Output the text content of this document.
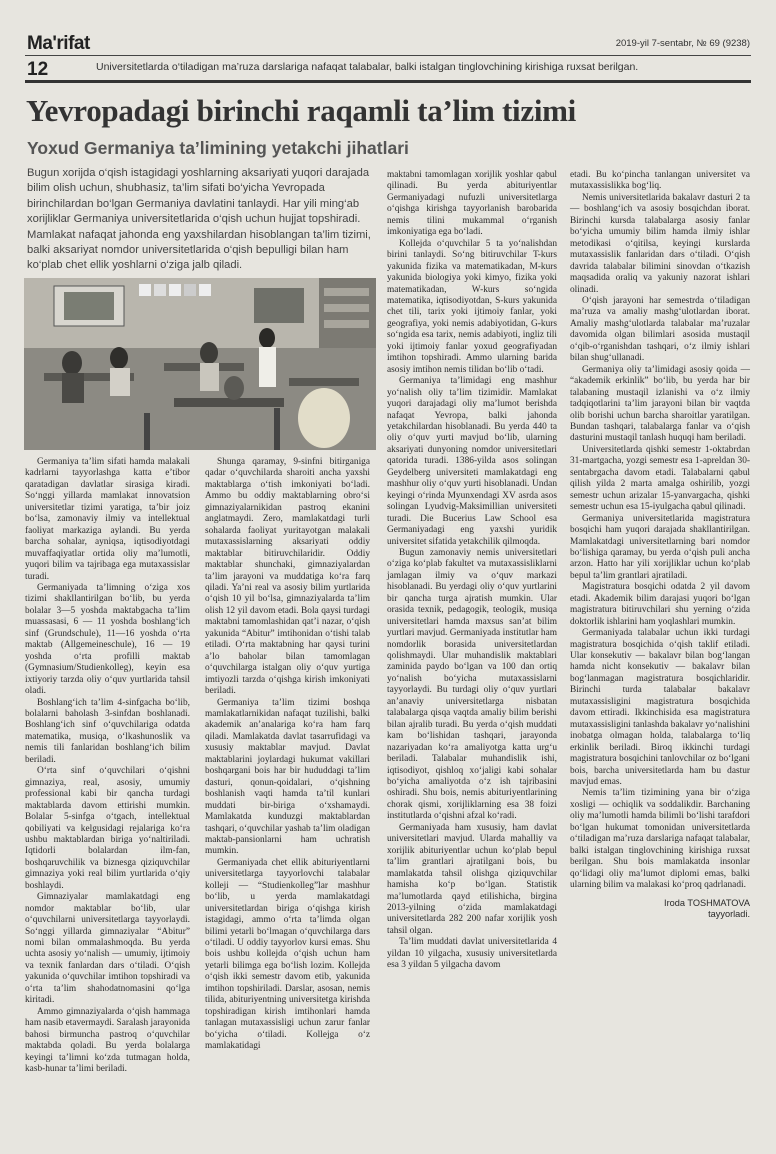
Ma'rifat	2019-yil 7-sentabr, № 69 (9238)
12	Universitetlarda o‘tiladigan ma’ruza darslariga nafaqat talabalar, balki istalgan tinglovchining kirishiga ruxsat berilgan.
Yevropadagi birinchi raqamli ta’lim tizimi
Yoxud Germaniya ta’limining yetakchi jihatlari

Bugun xorijda o‘qish istagidagi yoshlarning aksariyati yuqori darajada bilim olish uchun, shubhasiz, ta’lim sifati bo‘yicha Yevropada birinchilardan bo‘lgan Germaniya davlatini tanlaydi. Har yili ming‘ab xorijliklar Germaniya universitetlarida o‘qish uchun hujjat topshiradi. Mamlakat nafaqat jahonda eng yaxshilardan hisoblangan ta’lim tizimi, balki aksariyat nomdor universitetlarida o‘qish bepulligi bilan ham ko‘plab chet ellik yoshlarni o‘ziga jalb qiladi.

Germaniya ta’lim sifati hamda malakali kadrlarni tayyorlashga katta e’tibor qaratadigan davlatlar sirasiga kiradi. So‘nggi yillarda mamlakat innovatsion universitetlar tizimi yaratiga, ta’bir joiz bo‘lsa, zamonaviy ilmiy va intellektual faoliyat markaziga aylandi. Bu yerda barcha sohalar, ayniqsa, iqtisodiyotdagi muvaffaqiyatlar ortida oliy ma’lumotli, yuqori bilim va tajribaga ega mutaxassislar turadi.

Germaniyada ta’limning o‘ziga xos tizimi shakllantirilgan bo‘lib, bu yerda bolalar 3—5 yoshda maktabgacha ta’lim muassasasi, 6 — 11 yoshda boshlang‘ich sinf (Grundschule), 11—16 yoshda o‘rta maktab (Allgemeineschule), 16 — 19 yoshda o‘rta profilli maktab (Gymnasium/Studienkolleg), keyin esa ixtiyoriy tarzda oliy o‘quv yurtlarida tahsil oladi.

Boshlang‘ich ta’lim 4-sinfgacha bo‘lib, bolalarni baholash 3-sinfdan boshlanadi. Boshlang‘ich sinf o‘quvchilariga odatda matematika, musiqa, o‘lkashunoslik va nemis tili fanlaridan boshlang‘ich bilim beriladi.

O‘rta sinf o‘quvchilari o‘qishni gimnaziya, real, asosiy, umumiy professional kabi bir qancha turdagi maktablarda davom ettirishi mumkin. Bolalar 5-sinfga o‘tgach, intellektual qobiliyati va kelgusidagi rejalariga ko‘ra ushbu maktablardan biriga yo‘naltiriladi. Iqtidorli bolalardan ilm-fan, boshqaruvchilik va biznesga qiziquvchilar gimnaziya yoki real bilim yurtlarida o‘qiy boshlaydi.

Gimnaziyalar mamlakatdagi eng nomdor maktablar bo‘lib, ular o‘quvchilarni universitetlarga tayyorlaydi. So‘nggi yillarda gimnaziyalar “Abitur” nomi bilan ommalashmoqda. Bu yerda uchta asosiy yo‘nalish — umumiy, ijtimoiy va texnik fanlardan dars o‘tiladi. O‘qish yakunida o‘quvchilar imtihon topshiradi va o‘rta ta’lim shahodatnomasini qo‘lga kiritadi.

Ammo gimnaziyalarda o‘qish hammaga ham nasib etavermaydi. Saralash jarayonida bahosi birmuncha pastroq o‘quvchilar maktabda qoladi. Bu yerda bolalarga keyingi ta’limni ko‘zda tutmagan holda, kasb-hunar ta’limi beriladi.

Shunga qaramay, 9-sinfni bitirganiga qadar o‘quvchilarda sharoiti ancha yaxshi maktablarga o‘tish imkoniyati bo‘ladi. Ammo bu oddiy maktablarning obro‘si gimnaziyalarnikidan pastroq ekanini anglatmaydi. Zero, mamlakatdagi turli sohalarda faoliyat yuritayotgan malakali mutaxassislarning aksariyati oddiy maktablar bitiruvchilaridir. Oddiy maktablar shunchaki, gimnaziyalardan ta’lim jarayoni va muddatiga ko‘ra farq qiladi. Ya’ni real va asosiy bilim yurtlarida o‘qish 10 yil bo‘lsa, gimnaziyalarda ta’lim olish 12 yil davom etadi. Bola qaysi turdagi maktabni tamomlashidan qat’i nazar, o‘qish yakunida “Abitur” imtihonidan o‘tishi talab etiladi. O‘rta maktabning har qaysi turini a’lo baholar bilan tamomlagan o‘quvchilarga istalgan oliy o‘quv yurtiga imtiyozli tarzda o‘qishga kirish imkoniyati beriladi.

Germaniya ta’lim tizimi boshqa mamlakatlarnikidan nafaqat tuzilishi, balki akademik an’analariga ko‘ra ham farq qiladi. Mamlakatda davlat tasarrufidagi va xususiy maktablar mavjud. Davlat maktablarini joylardagi hukumat vakillari boshqargani bois har bir hududdagi ta’lim dasturi, qonun-qoidalari, o‘qishning boshlanish vaqti hamda ta’til kunlari muddati bir-biriga o‘xshamaydi. Mamlakatda kunduzgi maktablardan tashqari, o‘quvchilar yashab ta’lim oladigan maktab-pansionlarni ham uchratish mumkin.

Germaniyada chet ellik abituriyentlarni universitetlarga tayyorlovchi talabalar kolleji — “Studienkolleg”lar mashhur bo‘lib, u yerda mamlakatdagi universitetlardan biriga o‘qishga kirish istagidagi, ammo o‘rta ta’limda olgan bilimi yetarli bo‘lmagan o‘quvchilarga dars o‘tiladi. U oddiy tayyorlov kursi emas. Shu bois ushbu kollejda o‘qish uchun ham yetarli bilimga ega bo‘lish lozim. Kollejda o‘qish ikki semestr davom etib, yakunida imtihon topshiriladi. Darslar, asosan, nemis tilida, abituriyentning universitetga kirishda topshiradigan kirish imtihonlari hamda tanlagan mutaxassisligi uchun zarur fanlar bo‘yicha o‘tiladi. Kollejga o‘z mamlakatidagi

maktabni tamomlagan xorijlik yoshlar qabul qilinadi. Bu yerda abituriyentlar Germaniyadagi nufuzli universitetlarga o‘qishga kirishga tayyorlanish barobarida nemis tilini mukammal o‘rganish imkoniyatiga ega bo‘ladi.

Kollejda o‘quvchilar 5 ta yo‘nalishdan birini tanlaydi. So‘ng bitiruvchilar T-kurs yakunida fizika va matematikadan, M-kurs yakunida biologiya yoki kimyo, fizika yoki matematikadan, W-kurs so‘ngida matematika, iqtisodiyotdan, S-kurs yakunida chet tili, tarix yoki ijtimoiy fanlar, yoki geografiya, yoki nemis adabiyotidan, G-kurs so‘ngida esa tarix, nemis adabiyoti, ingliz tili yoki ijtimoiy fanlar yoxud geografiyadan imtihon topshiradi. Ammo ularning barida asosiy imtihon nemis tilidan bo‘lib o‘tadi.

Germaniya ta’limidagi eng mashhur yo‘nalish oliy ta’lim tizimidir. Mamlakat yuqori darajadagi oliy ma’lumot berishda nafaqat Yevropa, balki jahonda yetakchilardan hisoblanadi. Bu yerda 440 ta oliy o‘quv yurti mavjud bo‘lib, ularning aksariyati dunyoning nomdor universitetlari qatorida turadi. 1386-yilda asos solingan Geydelberg universiteti mamlakatdagi eng mashhur oliy o‘quv yurti hisoblanadi. Undan keyingi o‘rinda Myunxendagi XV asrda asos solingan Lyudvig-Maksimillian universiteti turadi. Die Bucerius Law School esa Germaniyadagi eng yaxshi yuridik universitet sifatida yetakchilik qilmoqda.

Bugun zamonaviy nemis universitetlari o‘ziga ko‘plab fakultet va mutaxassisliklarni jamlagan ilmiy va o‘quv markazi hisoblanadi. Bu yerdagi oliy o‘quv yurtlarini bir qancha turga ajratish mumkin. Ular orasida texnik, pedagogik, teologik, musiqa universitetlari hamda maxsus san’at bilim yurtlari mavjud. Germaniyada institutlar ham nomdorlik borasida universitetlardan qolishmaydi. Ular muhandislik maktablari zaminida paydo bo‘lgan va 100 dan ortiq yo‘nalish bo‘yicha mutaxassislarni tayyorlaydi. Bu turdagi oliy o‘quv yurtlari an’anaviy universitetlarga nisbatan talabalarga qisqa vaqtda amaliy bilim berishi bilan ajralib turadi. Bu yerda o‘qish muddati kam bo‘lishidan tashqari, jarayonda nazariyadan ko‘ra amaliyotga katta urg‘u beriladi. Talabalar muhandislik ishi, iqtisodiyot, qishloq xo‘jaligi kabi sohalar bo‘yicha amaliyotda o‘z ish tajribasini oshiradi. Shu bois, nemis abituriyentlarining chorak qismi, xorijliklarning esa 38 foizi institutlarda o‘qishni afzal ko‘radi.

Germaniyada ham xususiy, ham davlat universitetlari mavjud. Ularda mahalliy va xorijlik abituriyentlar uchun ko‘plab bepul ta’lim grantlari ajratilgani bois, bu mamlakatda tahsil olishga qiziquvchilar hamisha ko‘p bo‘lgan. Statistik ma’lumotlarda qayd etilishicha, birgina 2013-yilning o‘zida mamlakatdagi universitetlarda 282 200 nafar xorijlik yosh tahsil olgan.

Ta’lim muddati davlat universitetlarida 4 yildan 10 yilgacha, xususiy universitetlarda esa 3 yildan 5 yilgacha davom

etadi. Bu ko‘pincha tanlangan universitet va mutaxassislikka bog‘liq.

Nemis universitetlarida bakalavr dasturi 2 ta — boshlang‘ich va asosiy bosqichdan iborat. Birinchi kursda talabalarga asosiy fanlar bo‘yicha umumiy bilim hamda ilmiy ishlar metodikasi o‘qitilsa, keyingi kurslarda mutaxassislik fanlaridan dars o‘tiladi. O‘qish davrida talabalar bilimini sinovdan o‘tkazish maqsadida oraliq va yakuniy nazorat ishlari olinadi.

O‘qish jarayoni har semestrda o‘tiladigan ma’ruza va amaliy mashg‘ulotlardan iborat. Amaliy mashg‘ulotlarda talabalar ma’ruzalar davomida olgan bilimlari asosida mustaqil o‘qib-o‘rganishdan tashqari, o‘z ilmiy ishlari bilan shug‘ullanadi.

Germaniya oliy ta’limidagi asosiy qoida — “akademik erkinlik” bo‘lib, bu yerda har bir talabaning mustaqil izlanishi va o‘z ilmiy tadqiqotlarini ta’lim jarayoni bilan bir vaqtda olib borishi uchun barcha sharoitlar yaratilgan. Bundan tashqari, talabalarga fanlar va o‘qish dasturini mustaqil tanlash huquqi ham beriladi.

Universitetlarda qishki semestr 1-oktabrdan 31-martgacha, yozgi semestr esa 1-apreldan 30-sentabrgacha davom etadi. Talabalarni qabul qilish yilda 2 marta amalga oshirilib, yozgi semestr uchun arizalar 15-yanvargacha, qishki semestr uchun esa 15-iyulgacha qabul qilinadi.

Germaniya universitetlarida magistratura bosqichi ham yuqori darajada shakllantirilgan. Mamlakatdagi universitetlarning bari nomdor bo‘lishiga qaramay, bu yerda o‘qish puli ancha arzon. Hatto har yili xorijliklar uchun ko‘plab bepul ta’lim grantlari ajratiladi.

Magistratura bosqichi odatda 2 yil davom etadi. Akademik bilim darajasi yuqori bo‘lgan magistratura bitiruvchilari shu yerning o‘zida doktorlik ishlarini ham yoqlashlari mumkin.

Germaniyada talabalar uchun ikki turdagi magistratura bosqichida o‘qish taklif etiladi. Ular konsekutiv — bakalavr bilan bog‘langan hamda nicht konsekutiv — bakalavr bilan bog‘lanmagan magistratura bosqichlaridir. Birinchi turda talabalar bakalavr mutaxassisligini magistratura bosqichida davom ettiradi. Ikkinchisida esa magistratura mutaxassisligini tanlashda bakalavr yo‘nalishini inobatga olmagan holda, talabalarga to‘liq erkinlik beriladi. Biroq ikkinchi turdagi magistratura bosqichini tanlovchilar oz bo‘lgani bois, barcha universitetlarda ham bu dastur mavjud emas.

Nemis ta’lim tizimining yana bir o‘ziga xosligi — ochiqlik va soddalikdir. Barchaning oliy ma’lumotli hamda bilimli bo‘lishi tarafdori bo‘lgan hukumat tomonidan universitetlarda o‘tiladigan ma’ruza darslariga nafaqat talabalar, balki istalgan tinglovchining kirishiga ruxsat berilgan. Shu bois mamlakatda insonlar qo‘lidagi oliy ma’lumot diplomi emas, balki ularning bilim va malakasi ko‘proq qadrlanadi.

Iroda TOSHMATOVA
tayyorladi.
